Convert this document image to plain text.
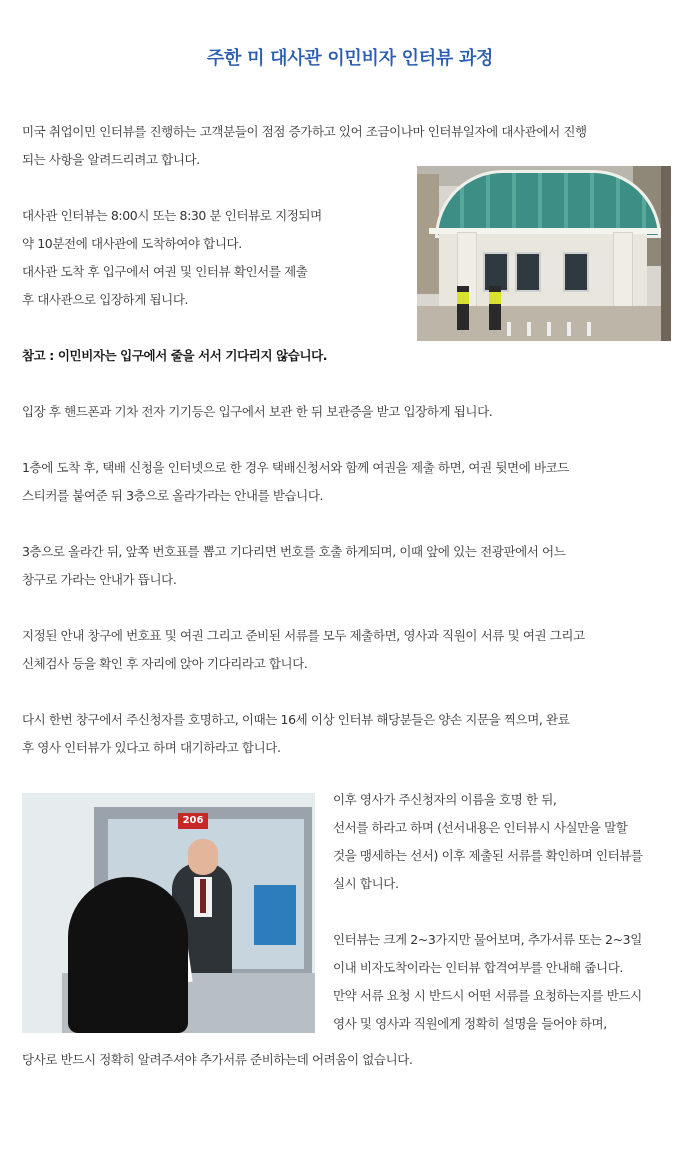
주한 미 대사관 이민비자 인터뷰 과정
미국 취업이민 인터뷰를 진행하는 고객분들이 점점 증가하고 있어 조금이나마 인터뷰일자에 대사관에서 진행
되는 사항을 알려드리려고 합니다.
대사관 인터뷰는 8:00시 또는 8:30 분 인터뷰로 지정되며
약 10분전에 대사관에 도착하여야 합니다.
대사관 도착 후 입구에서 여권 및 인터뷰 확인서를 제출
후 대사관으로 입장하게 됩니다.
참고 : 이민비자는 입구에서 줄을 서서 기다리지 않습니다.
입장 후 핸드폰과 기차 전자 기기등은 입구에서 보관 한 뒤 보관증을 받고 입장하게 됩니다.
1층에 도착 후, 택배 신청을 인터넷으로 한 경우 택배신청서와 함께 여권을 제출 하면, 여권 뒷면에 바코드
스티커를 붙여준 뒤 3층으로 올라가라는 안내를 받습니다.
3층으로 올라간 뒤, 앞쪽 번호표를 뽑고 기다리면 번호를 호출 하게되며, 이때 앞에 있는 전광판에서 어느
창구로 가라는 안내가 뜹니다.
지정된 안내 창구에 번호표 및 여권 그리고 준비된 서류를 모두 제출하면, 영사과 직원이 서류 및 여권 그리고
신체검사 등을 확인 후 자리에 앉아 기다리라고 합니다.
다시 한번 창구에서 주신청자를 호명하고, 이때는 16세 이상 인터뷰 해당분들은 양손 지문을 찍으며, 완료
후 영사 인터뷰가 있다고 하며 대기하라고 합니다.
206
이후 영사가 주신청자의 이름을 호명 한 뒤,
선서를 하라고 하며 (선서내용은 인터뷰시 사실만을 말할
것을 맹세하는 선서) 이후 제출된 서류를 확인하며 인터뷰를
실시 합니다.
인터뷰는 크게 2~3가지만 물어보며, 추가서류 또는 2~3일
이내 비자도착이라는 인터뷰 합격여부를 안내해 줍니다.
만약 서류 요청 시 반드시 어떤 서류를 요청하는지를 반드시
영사 및 영사과 직원에게 정확히 설명을 들어야 하며,
당사로 반드시 정확히 알려주셔야 추가서류 준비하는데 어려움이 없습니다.
